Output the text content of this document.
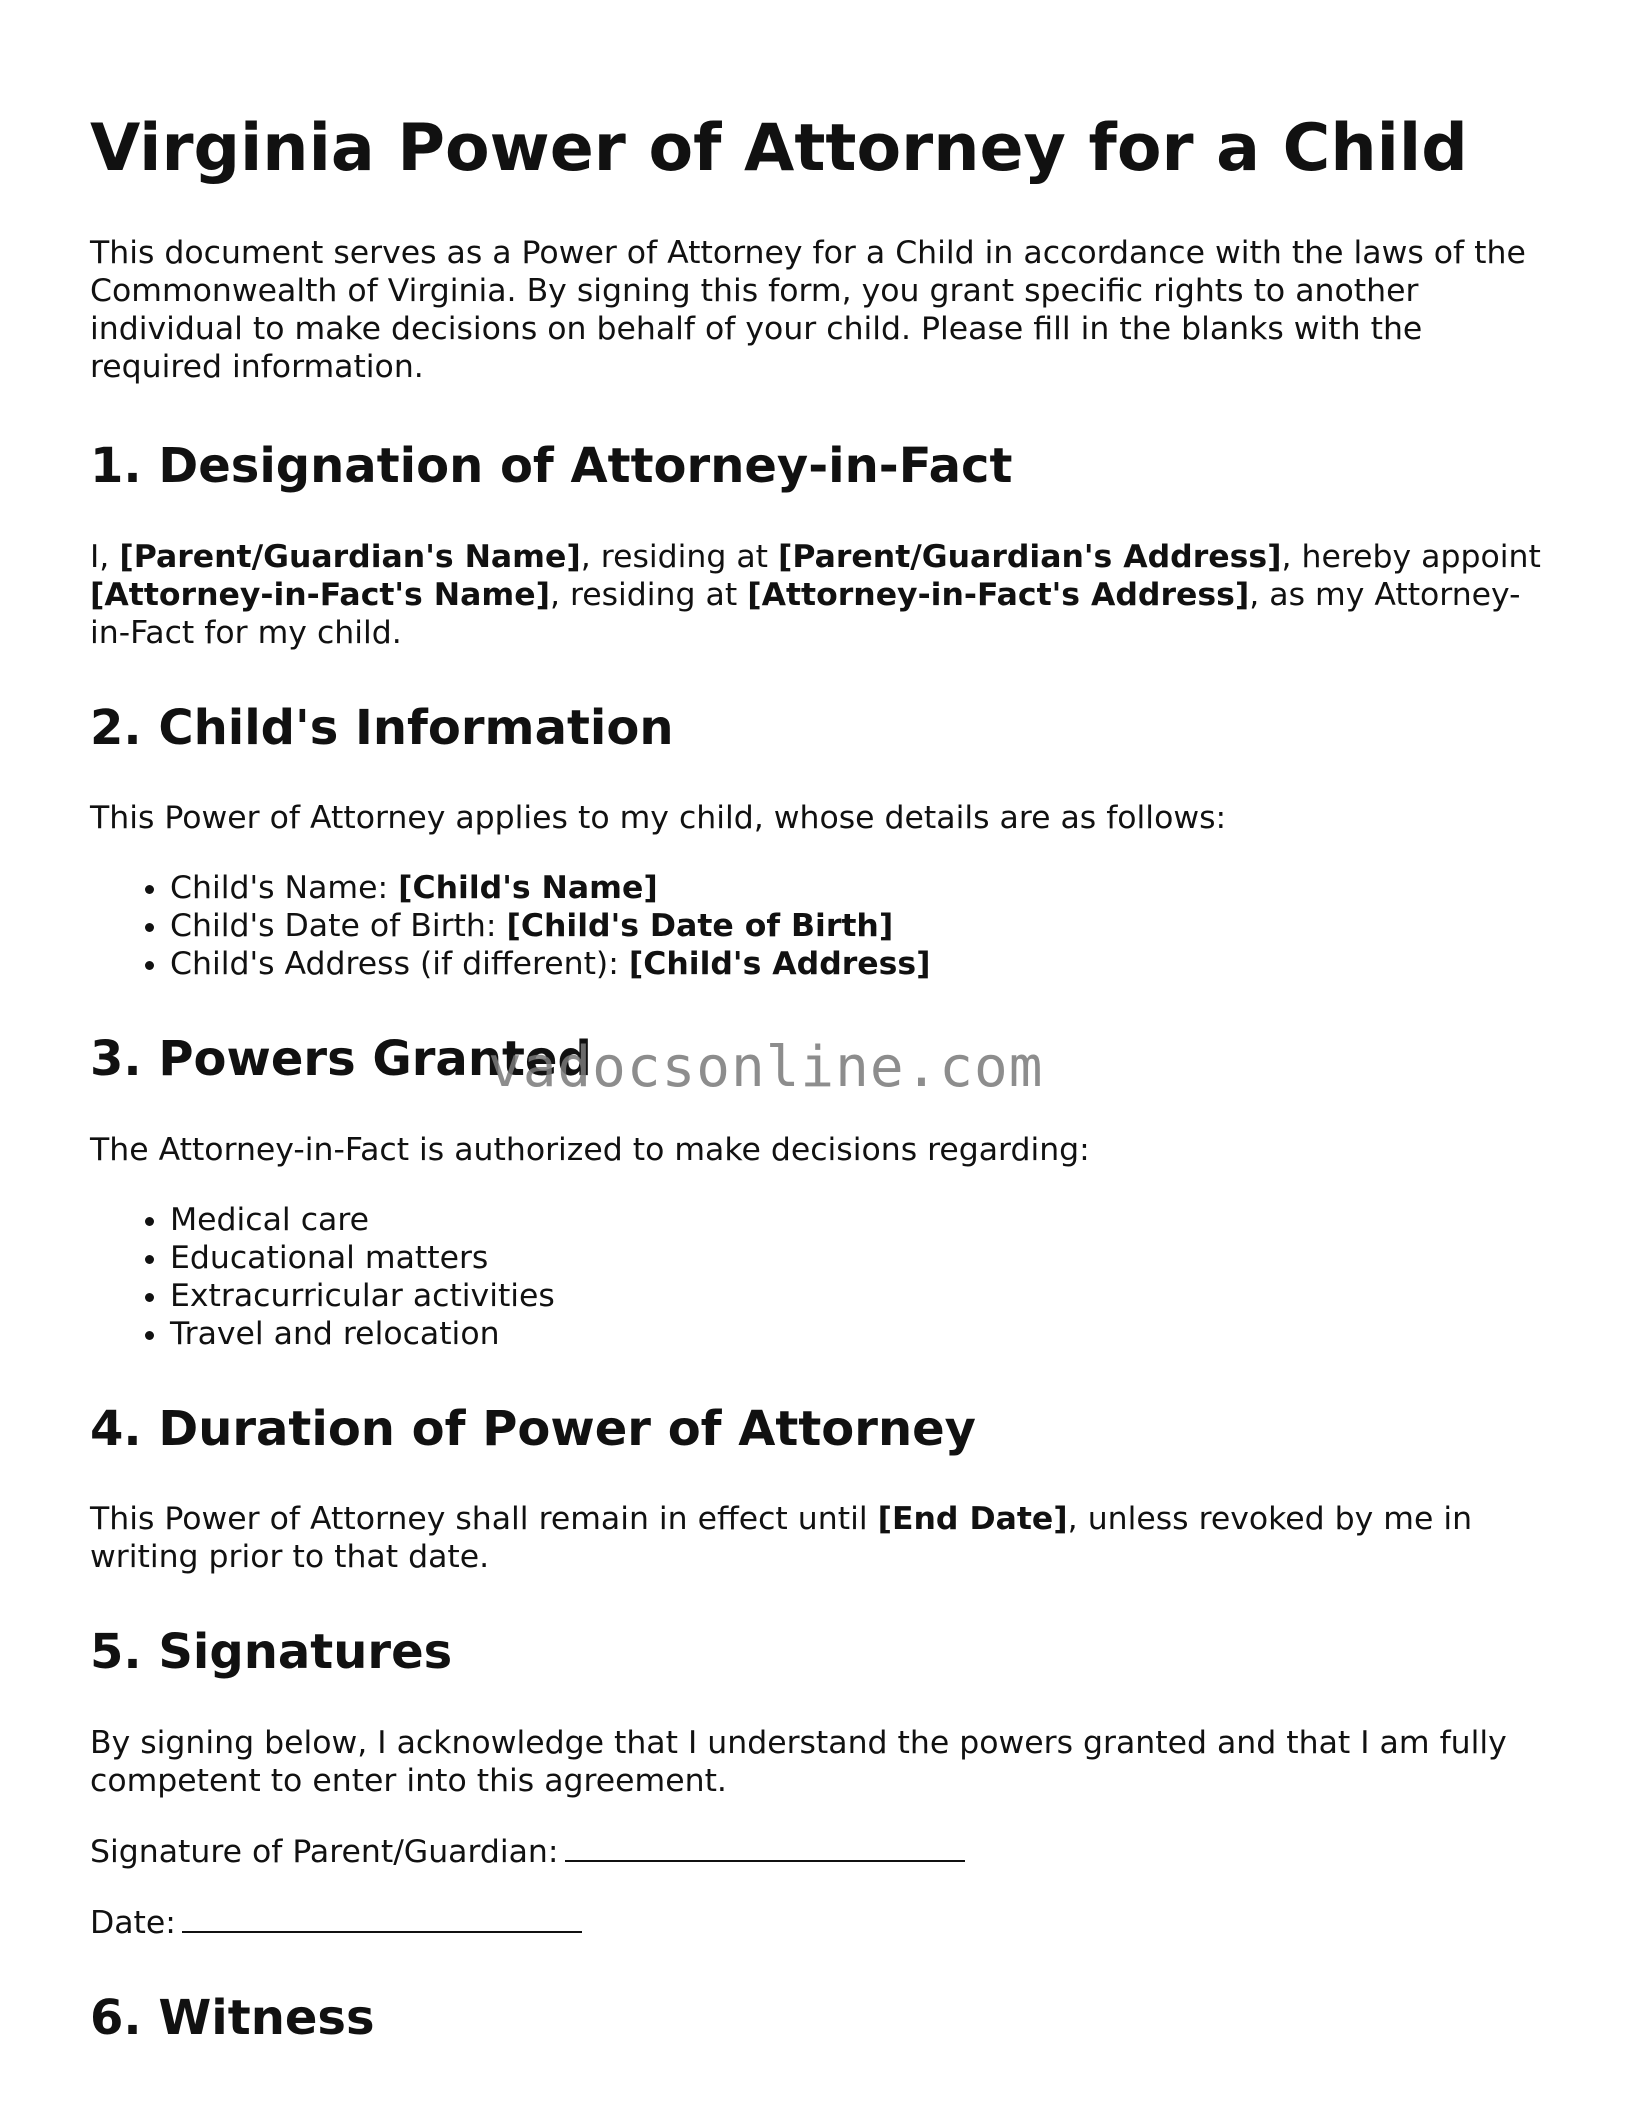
Virginia Power of Attorney for a Child

This document serves as a Power of Attorney for a Child in accordance with the laws of the Commonwealth of Virginia. By signing this form, you grant specific rights to another individual to make decisions on behalf of your child. Please fill in the blanks with the required information.

1. Designation of Attorney-in-Fact

I, [Parent/Guardian's Name], residing at [Parent/Guardian's Address], hereby appoint [Attorney-in-Fact's Name], residing at [Attorney-in-Fact's Address], as my Attorney-in-Fact for my child.

2. Child's Information

This Power of Attorney applies to my child, whose details are as follows:

• Child's Name: [Child's Name]
• Child's Date of Birth: [Child's Date of Birth]
• Child's Address (if different): [Child's Address]
3. Powers Granted

The Attorney-in-Fact is authorized to make decisions regarding:

• Medical care
• Educational matters
• Extracurricular activities
• Travel and relocation
4. Duration of Power of Attorney

This Power of Attorney shall remain in effect until [End Date], unless revoked by me in writing prior to that date.

5. Signatures

By signing below, I acknowledge that I understand the powers granted and that I am fully competent to enter into this agreement.

Signature of Parent/Guardian:

Date:

6. Witness
vadocsonline.com
